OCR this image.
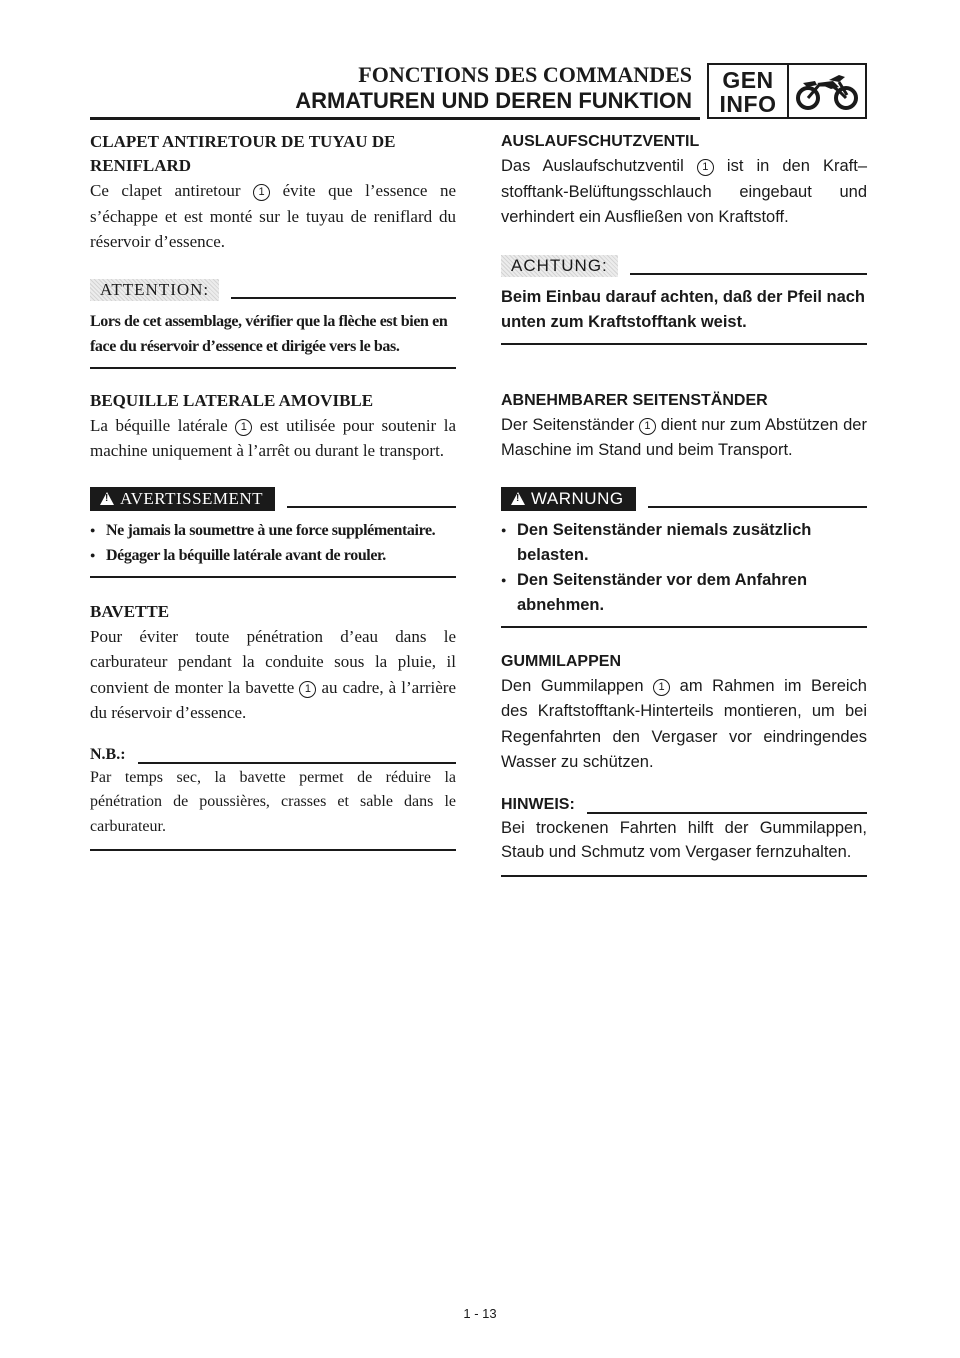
FONCTIONS DES COMMANDES
ARMATUREN UND DEREN FUNKTION
GEN
INFO
CLAPET ANTIRETOUR DE TUYAU DE RENIFLARD

Ce clapet antiretour 1 évite que l’essence ne s’échappe et est monté sur le tuyau de reniflard du réservoir d’essence.

ATTENTION:
Lors de cet assemblage, vérifier que la flèche est bien en face du réservoir d’essence et dirigée vers le bas.
BEQUILLE LATERALE AMOVIBLE

La béquille latérale 1 est utilisée pour soutenir la machine uniquement à l’arrêt ou durant le transport.

!
AVERTISSEMENT
● Ne jamais la soumettre à une force supplémentaire.
● Dégager la béquille latérale avant de rouler.
BAVETTE

Pour éviter toute pénétration d’eau dans le carburateur pendant la conduite sous la pluie, il convient de monter la bavette 1 au cadre, à l’arrière du réservoir d’essence.

N.B.:
Par temps sec, la bavette permet de réduire la pénétration de poussières, crasses et sable dans le carburateur.
AUSLAUFSCHUTZVENTIL

Das Auslaufschutzventil 1 ist in den Kraft–stofftank-Belüftungsschlauch eingebaut und verhindert ein Ausfließen von Kraftstoff.

ACHTUNG:
Beim Einbau darauf achten, daß der Pfeil nach unten zum Kraftstofftank weist.
ABNEHMBARER SEITENSTÄNDER

Der Seitenständer 1 dient nur zum Abstützen der Maschine im Stand und beim Transport.

!
WARNUNG
● Den Seitenständer niemals zusätzlich belasten.
● Den Seitenständer vor dem Anfahren abnehmen.
GUMMILAPPEN

Den Gummilappen 1 am Rahmen im Bereich des Kraftstofftank-Hinterteils montieren, um bei Regenfahrten den Vergaser vor eindringendes Wasser zu schützen.

HINWEIS:
Bei trockenen Fahrten hilft der Gummilappen, Staub und Schmutz vom Vergaser fernzuhalten.
1 - 13
